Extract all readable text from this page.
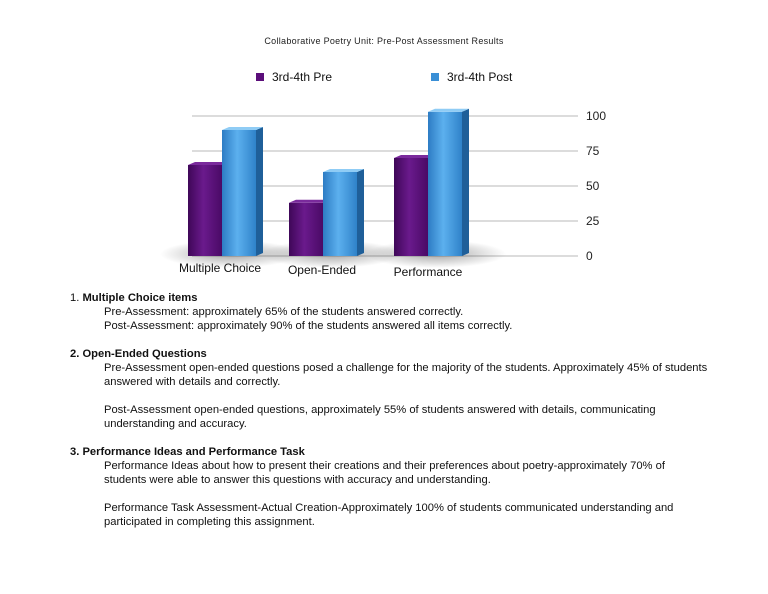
Collaborative Poetry Unit: Pre-Post Assessment Results
3rd-4th Pre	3rd-4th Post
0
25
50
75
100
Multiple Choice Open-Ended	Performance

1. Multiple Choice items

Pre-Assessment: approximately 65% of the students answered correctly.

Post-Assessment: approximately 90% of the students answered all items correctly.

2. Open-Ended Questions

Pre-Assessment open-ended questions posed a challenge for the majority of the students. Approximately 45% of students answered with details and correctly.

Post-Assessment open-ended questions, approximately 55% of students answered with details, communicating understanding and accuracy.

3. Performance Ideas and Performance Task

Performance Ideas about how to present their creations and their preferences about poetry-approximately 70% of students were able to answer this questions with accuracy and understanding.

Performance Task Assessment-Actual Creation-Approximately 100% of students communicated understanding and participated in completing this assignment.
